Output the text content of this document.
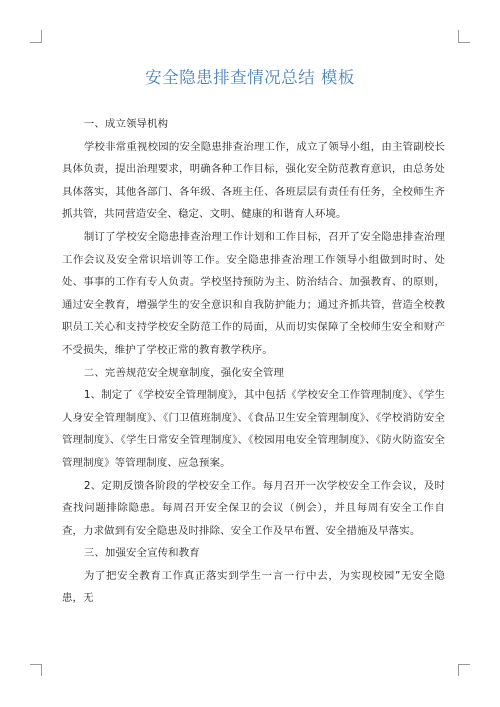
安全隐患排查情况总结 模板

一、成立领导机构

学校非常重视校园的安全隐患排查治理工作，成立了领导小组，由主管副校长具体负责，提出治理要求，明确各种工作目标，强化安全防范教育意识，由总务处具体落实，其他各部门、各年级、各班主任、各班层层有责任有任务，全校师生齐抓共管，共同营造安全、稳定、文明、健康的和谐育人环境。

制订了学校安全隐患排查治理工作计划和工作目标，召开了安全隐患排查治理工作会议及安全常识培训等工作。安全隐患排查治理工作领导小组做到时时、处处、事事的工作有专人负责。学校坚持预防为主、防治结合、加强教育、的原则，通过安全教育，增强学生的安全意识和自我防护能力；通过齐抓共管，营造全校教职员工关心和支持学校安全防范工作的局面，从而切实保障了全校师生安全和财产不受损失，维护了学校正常的教育教学秩序。

二、完善规范安全规章制度，强化安全管理

1、制定了《学校安全管理制度》，其中包括《学校安全工作管理制度》、《学生人身安全管理制度》、《门卫值班制度》、《食品卫生安全管理制度》、《学校消防安全管理制度》、《学生日常安全管理制度》、《校园用电安全管理制度》、《防火防盗安全管理制度》等管理制度、应急预案。

2、定期反馈各阶段的学校安全工作。每月召开一次学校安全工作会议，及时查找问题排除隐患。每周召开安全保卫的会议（例会），并且每周有安全工作自查，力求做到有安全隐患及时排除、安全工作及早布置、安全措施及早落实。

三、加强安全宣传和教育

为了把安全教育工作真正落实到学生一言一行中去，为实现校园”无安全隐患，无
